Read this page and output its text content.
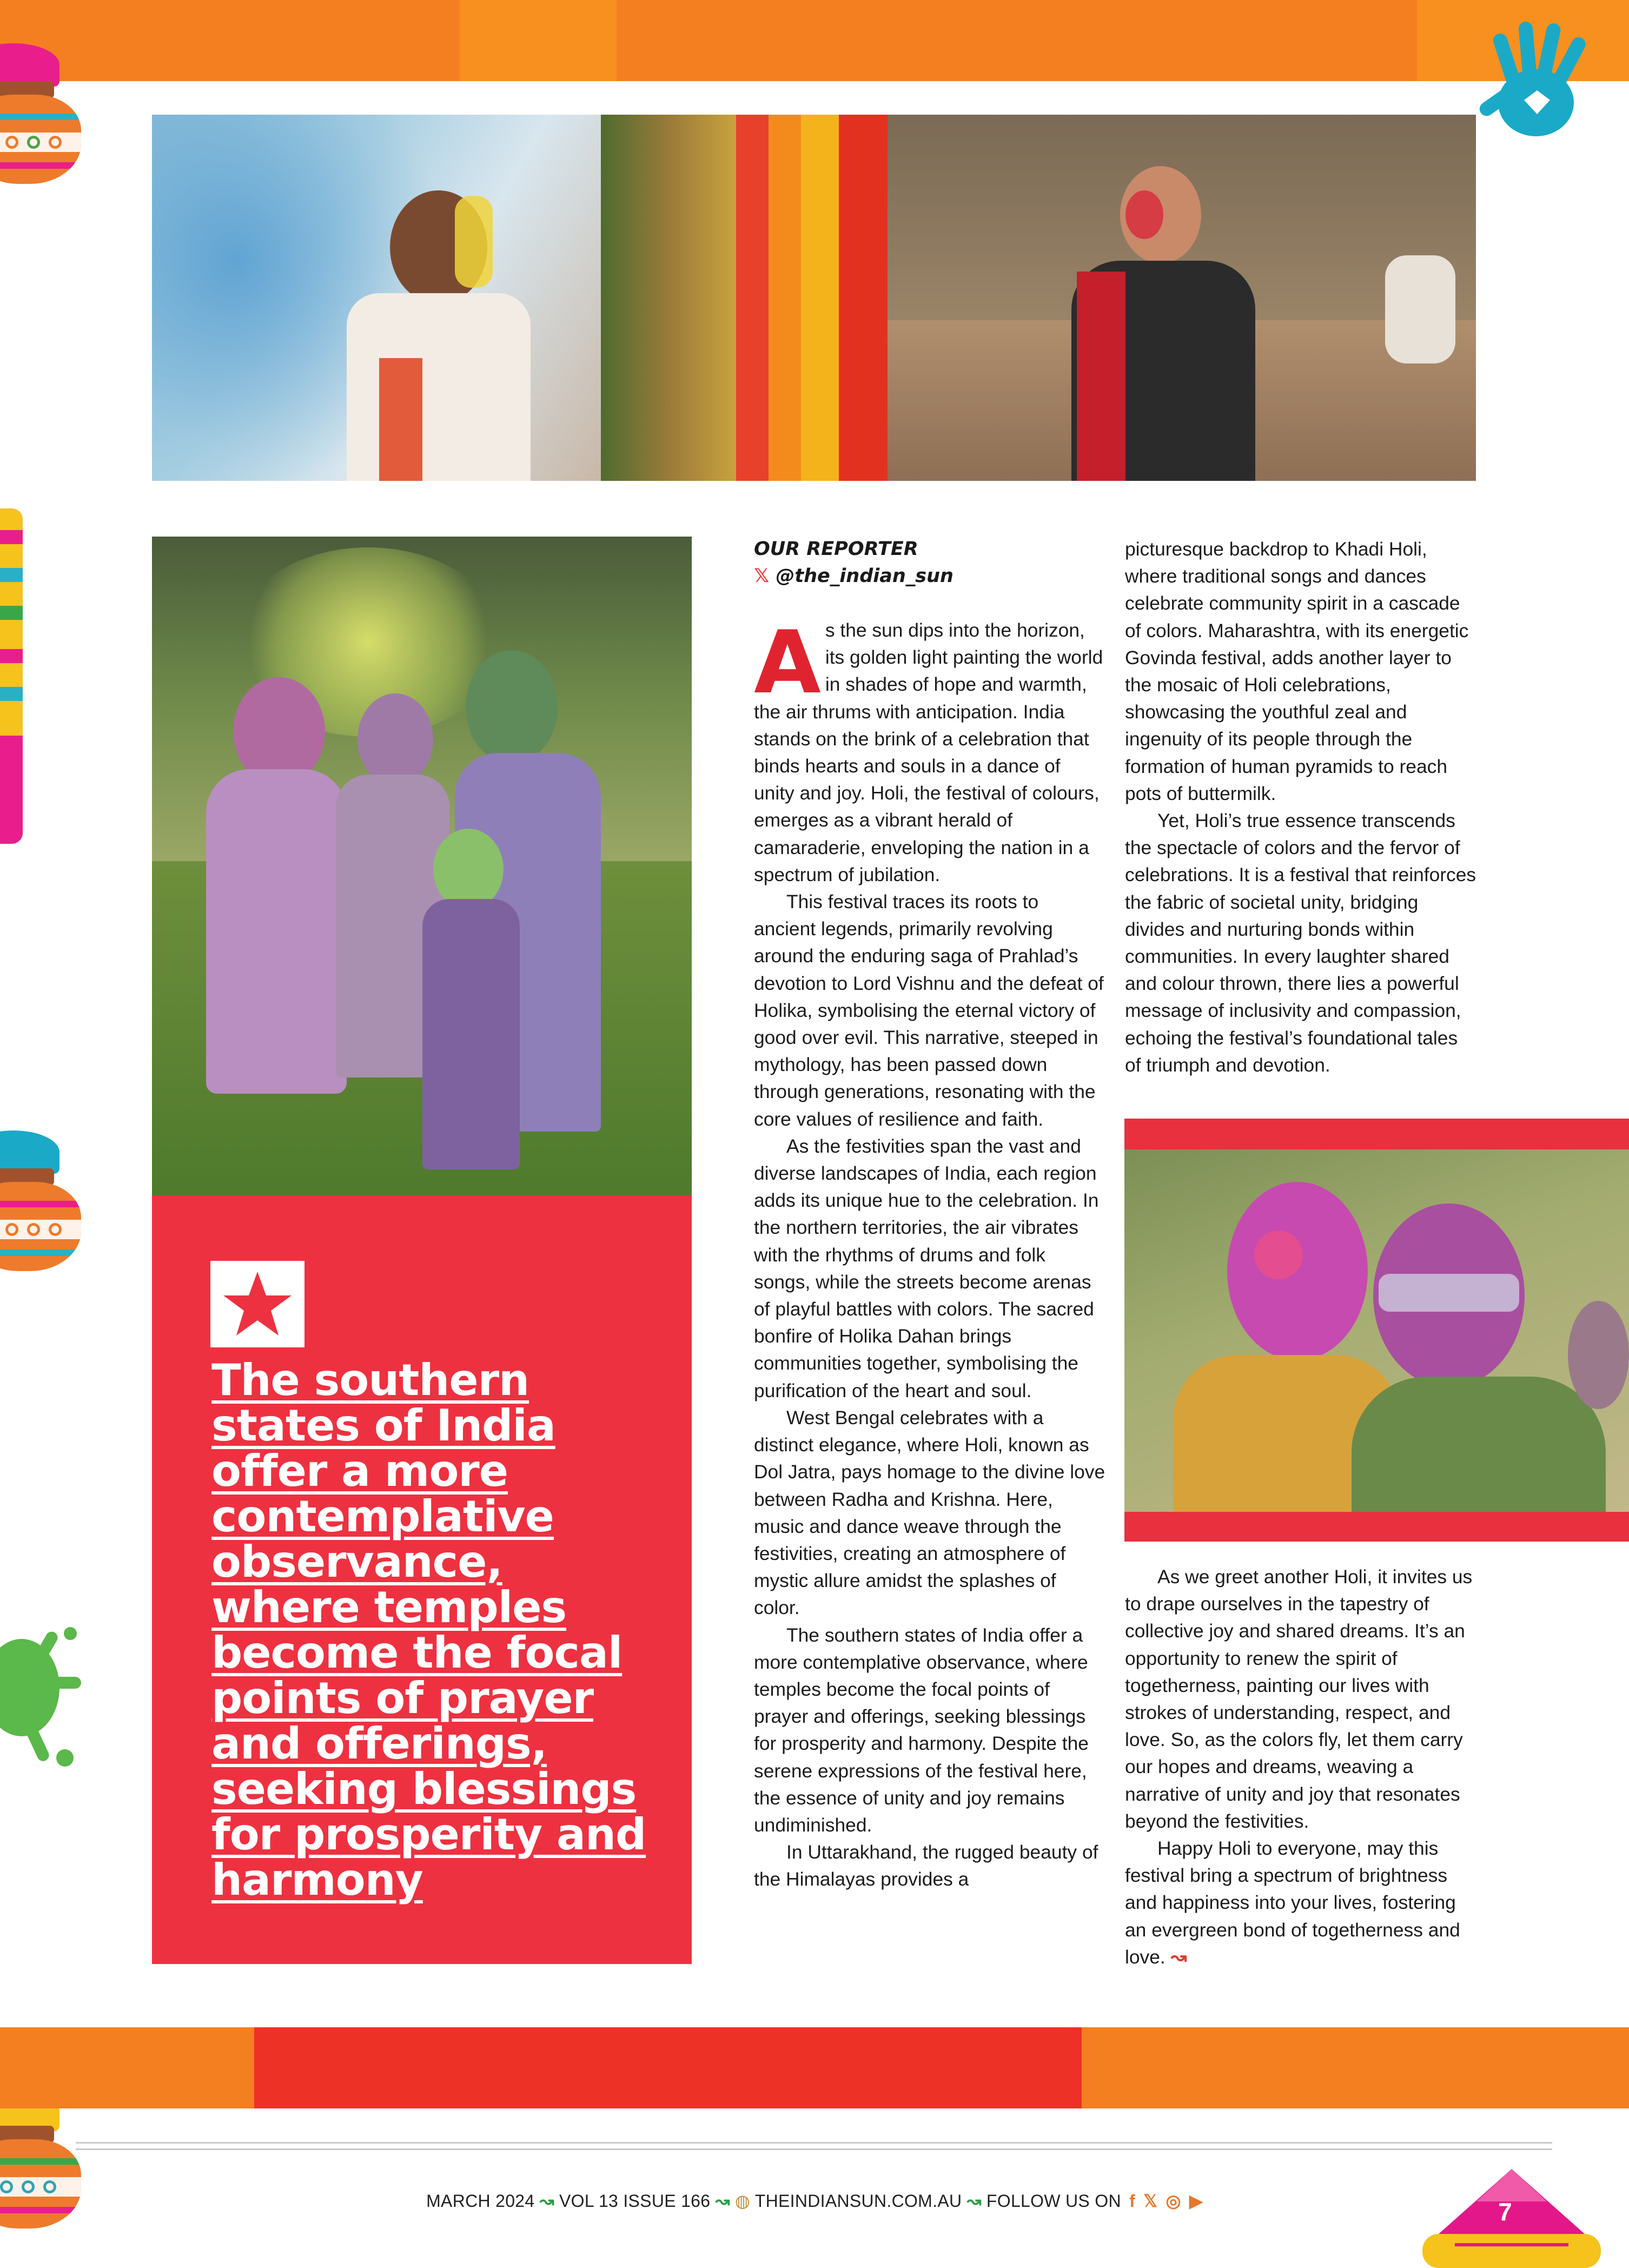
The southern states of India offer a more contemplative observance, where temples become the focal points of prayer and offerings, seeking blessings for prosperity and harmony

OUR REPORTER
𝕏 @the_indian_sun

As the sun dips into the horizon, its golden light painting the world in shades of hope and warmth, the air thrums with anticipation. India stands on the brink of a celebration that binds hearts and souls in a dance of unity and joy. Holi, the festival of colours, emerges as a vibrant herald of camaraderie, enveloping the nation in a spectrum of jubilation.

This festival traces its roots to ancient legends, primarily revolving around the enduring saga of Prahlad’s devotion to Lord Vishnu and the defeat of Holika, symbolising the eternal victory of good over evil. This narrative, steeped in mythology, has been passed down through generations, resonating with the core values of resilience and faith.

As the festivities span the vast and diverse landscapes of India, each region adds its unique hue to the celebration. In the northern territories, the air vibrates with the rhythms of drums and folk songs, while the streets become arenas of playful battles with colors. The sacred bonfire of Holika Dahan brings communities together, symbolising the purification of the heart and soul.

West Bengal celebrates with a distinct elegance, where Holi, known as Dol Jatra, pays homage to the divine love between Radha and Krishna. Here, music and dance weave through the festivities, creating an atmosphere of mystic allure amidst the splashes of color.

The southern states of India offer a more contemplative observance, where temples become the focal points of prayer and offerings, seeking blessings for prosperity and harmony. Despite the serene expressions of the festival here, the essence of unity and joy remains undiminished.

In Uttarakhand, the rugged beauty of the Himalayas provides a

picturesque backdrop to Khadi Holi, where traditional songs and dances celebrate community spirit in a cascade of colors. Maharashtra, with its energetic Govinda festival, adds another layer to the mosaic of Holi celebrations, showcasing the youthful zeal and ingenuity of its people through the formation of human pyramids to reach pots of buttermilk.

Yet, Holi’s true essence transcends the spectacle of colors and the fervor of celebrations. It is a festival that reinforces the fabric of societal unity, bridging divides and nurturing bonds within communities. In every laughter shared and colour thrown, there lies a powerful message of inclusivity and compassion, echoing the festival’s foundational tales of triumph and devotion.

As we greet another Holi, it invites us to drape ourselves in the tapestry of collective joy and shared dreams. It’s an opportunity to renew the spirit of togetherness, painting our lives with strokes of understanding, respect, and love. So, as the colors fly, let them carry our hopes and dreams, weaving a narrative of unity and joy that resonates beyond the festivities.

Happy Holi to everyone, may this festival bring a spectrum of brightness and happiness into your lives, fostering an evergreen bond of togetherness and love. ↝

MARCH 2024 ↝ VOL 13 ISSUE 166 ↝ ◍ THEINDIANSUN.COM.AU ↝ FOLLOW US ON f 𝕏 ◎ ▶	7
